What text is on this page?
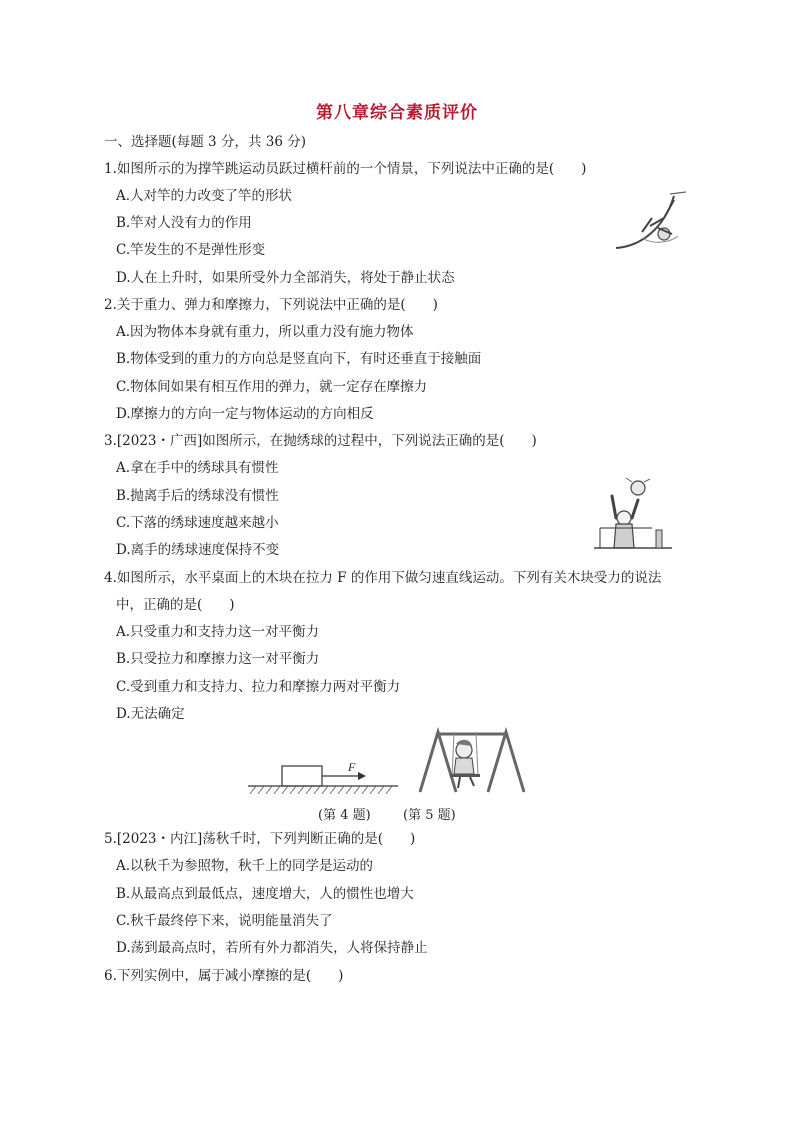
第八章综合素质评价
一、选择题(每题 3 分，共 36 分)
1.如图所示的为撑竿跳运动员跃过横杆前的一个情景，下列说法中正确的是(　　)
A.人对竿的力改变了竿的形状
B.竿对人没有力的作用
C.竿发生的不是弹性形变
D.人在上升时，如果所受外力全部消失，将处于静止状态
2.关于重力、弹力和摩擦力，下列说法中正确的是(　　)
A.因为物体本身就有重力，所以重力没有施力物体
B.物体受到的重力的方向总是竖直向下，有时还垂直于接触面
C.物体间如果有相互作用的弹力，就一定存在摩擦力
D.摩擦力的方向一定与物体运动的方向相反
3.[2023・广西]如图所示，在抛绣球的过程中，下列说法正确的是(　　)
A.拿在手中的绣球具有惯性
B.抛离手后的绣球没有惯性
C.下落的绣球速度越来越小
D.离手的绣球速度保持不变
4.如图所示，水平桌面上的木块在拉力 F 的作用下做匀速直线运动。下列有关木块受力的说法
中，正确的是(　　)
A.只受重力和支持力这一对平衡力
B.只受拉力和摩擦力这一对平衡力
C.受到重力和支持力、拉力和摩擦力两对平衡力
D.无法确定
F
(第 4 题) (第 5 题)
5.[2023・内江]荡秋千时，下列判断正确的是(　　)
A.以秋千为参照物，秋千上的同学是运动的
B.从最高点到最低点，速度增大，人的惯性也增大
C.秋千最终停下来，说明能量消失了
D.荡到最高点时，若所有外力都消失，人将保持静止
6.下列实例中，属于减小摩擦的是(　　)
